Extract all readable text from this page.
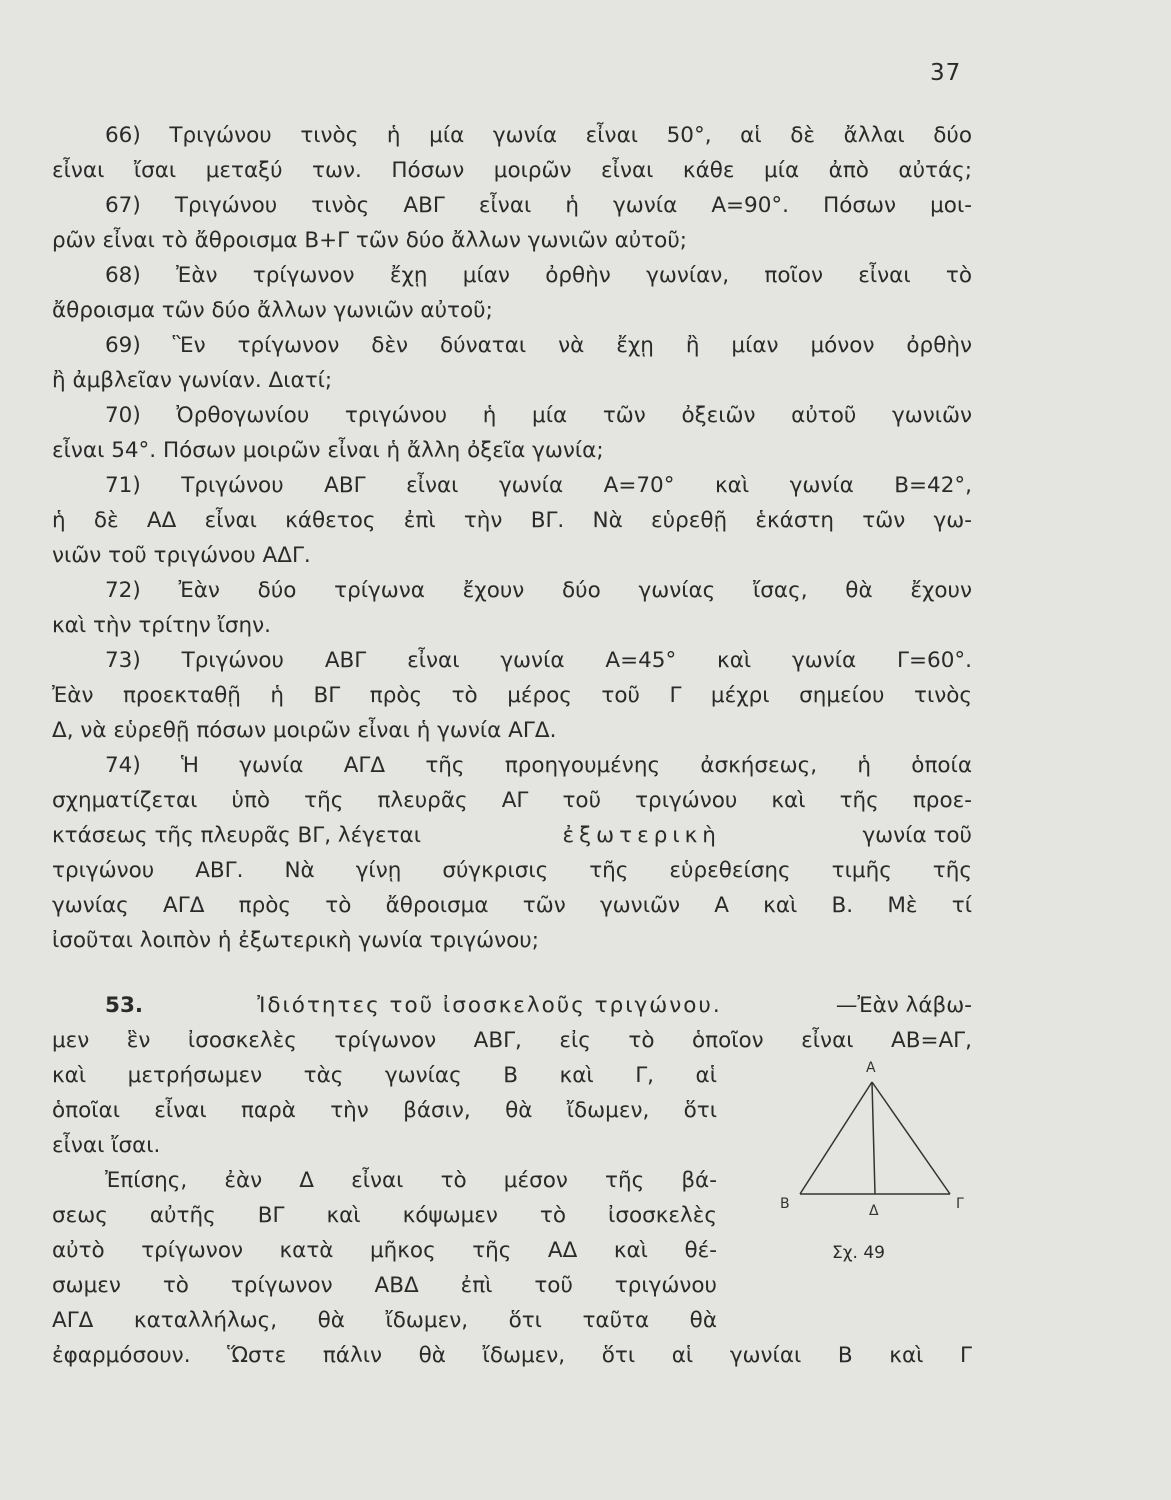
37
66) Τριγώνου τινὸς ἡ μία γωνία εἶναι 50°, αἱ δὲ ἄλλαι δύο
εἶναι ἴσαι μεταξύ των. Πόσων μοιρῶν εἶναι κάθε μία ἀπὸ αὐτάς;
67) Τριγώνου τινὸς ΑΒΓ εἶναι ἡ γωνία Α=90°. Πόσων μοι-
ρῶν εἶναι τὸ ἄθροισμα Β+Γ τῶν δύο ἄλλων γωνιῶν αὐτοῦ;
68) Ἐὰν τρίγωνον ἔχῃ μίαν ὀρθὴν γωνίαν, ποῖον εἶναι τὸ
ἄθροισμα τῶν δύο ἄλλων γωνιῶν αὐτοῦ;
69) Ἓν τρίγωνον δὲν δύναται νὰ ἔχῃ ἢ μίαν μόνον ὀρθὴν
ἢ ἀμβλεῖαν γωνίαν. Διατί;
70) Ὀρθογωνίου τριγώνου ἡ μία τῶν ὀξειῶν αὐτοῦ γωνιῶν
εἶναι 54°. Πόσων μοιρῶν εἶναι ἡ ἄλλη ὀξεῖα γωνία;
71) Τριγώνου ΑΒΓ εἶναι γωνία Α=70° καὶ γωνία Β=42°,
ἡ δὲ ΑΔ εἶναι κάθετος ἐπὶ τὴν ΒΓ. Νὰ εὑρεθῇ ἑκάστη τῶν γω-
νιῶν τοῦ τριγώνου ΑΔΓ.
72) Ἐὰν δύο τρίγωνα ἔχουν δύο γωνίας ἴσας, θὰ ἔχουν
καὶ τὴν τρίτην ἴσην.
73) Τριγώνου ΑΒΓ εἶναι γωνία Α=45° καὶ γωνία Γ=60°.
Ἐὰν προεκταθῇ ἡ ΒΓ πρὸς τὸ μέρος τοῦ Γ μέχρι σημείου τινὸς
Δ, νὰ εὑρεθῇ πόσων μοιρῶν εἶναι ἡ γωνία ΑΓΔ.
74) Ἡ γωνία ΑΓΔ τῆς προηγουμένης ἀσκήσεως, ἡ ὁποία
σχηματίζεται ὑπὸ τῆς πλευρᾶς ΑΓ τοῦ τριγώνου καὶ τῆς προε-
κτάσεως τῆς πλευρᾶς ΒΓ, λέγεται	ἐξωτερικὴ	γωνία τοῦ
τριγώνου ΑΒΓ. Νὰ γίνῃ σύγκρισις τῆς εὑρεθείσης τιμῆς τῆς
γωνίας ΑΓΔ πρὸς τὸ ἄθροισμα τῶν γωνιῶν Α καὶ Β. Μὲ τί
ἰσοῦται λοιπὸν ἡ ἐξωτερικὴ γωνία τριγώνου;
53.	Ἰδιότητες τοῦ ἰσοσκελοῦς τριγώνου.	—Ἐὰν λάβω-
μεν ἓν ἰσοσκελὲς τρίγωνον ΑΒΓ, εἰς τὸ ὁποῖον εἶναι ΑΒ=ΑΓ,
καὶ μετρήσωμεν τὰς γωνίας Β καὶ Γ, αἱ
ὁποῖαι εἶναι παρὰ τὴν βάσιν, θὰ ἴδωμεν, ὅτι
εἶναι ἴσαι.
Ἐπίσης, ἐὰν Δ εἶναι τὸ μέσον τῆς βά-
σεως αὐτῆς ΒΓ καὶ κόψωμεν τὸ ἰσοσκελὲς
αὐτὸ τρίγωνον κατὰ μῆκος τῆς ΑΔ καὶ θέ-
σωμεν τὸ τρίγωνον ΑΒΔ ἐπὶ τοῦ τριγώνου
ΑΓΔ καταλλήλως, θὰ ἴδωμεν, ὅτι ταῦτα θὰ
ἐφαρμόσουν. Ὥστε πάλιν θὰ ἴδωμεν, ὅτι αἱ γωνίαι Β καὶ Γ
Α
Β	Γ
Δ
Σχ. 49
